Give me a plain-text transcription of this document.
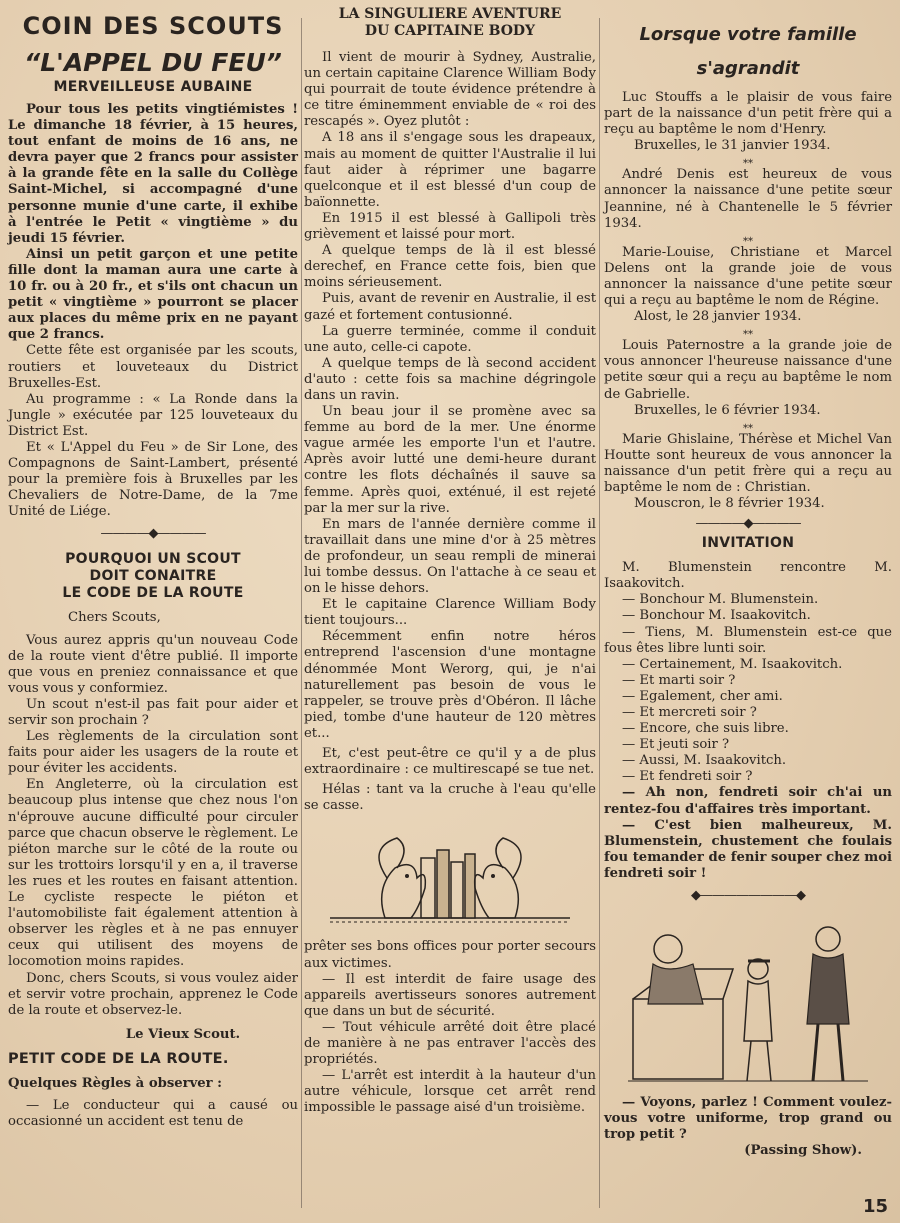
COIN DES SCOUTS
“L'APPEL DU FEU”
MERVEILLEUSE AUBAINE

Pour tous les petits vingtiémistes ! Le dimanche 18 février, à 15 heures, tout enfant de moins de 16 ans, ne devra payer que 2 francs pour assister à la grande fête en la salle du Collège Saint-Michel, si accompagné d'une personne munie d'une carte, il exhibe à l'entrée le Petit « vingtième » du jeudi 15 février.

Ainsi un petit garçon et une petite fille dont la maman aura une carte à 10 fr. ou à 20 fr., et s'ils ont chacun un petit « vingtième » pourront se placer aux places du même prix en ne payant que 2 francs.

Cette fête est organisée par les scouts, routiers et louveteaux du District Bruxelles-Est.

Au programme : « La Ronde dans la Jungle » exécutée par 125 louveteaux du District Est.

Et « L'Appel du Feu » de Sir Lone, des Compagnons de Saint-Lambert, présenté pour la première fois à Bruxelles par les Chevaliers de Notre-Dame, de la 7me Unité de Liége.

————◆————
POURQUOI UN SCOUT
DOIT CONAITRE
LE CODE DE LA ROUTE

Chers Scouts,

Vous aurez appris qu'un nouveau Code de la route vient d'être publié. Il importe que vous en preniez connaissance et que vous vous y conformiez.

Un scout n'est-il pas fait pour aider et servir son prochain ?

Les règlements de la circulation sont faits pour aider les usagers de la route et pour éviter les accidents.

En Angleterre, où la circulation est beaucoup plus intense que chez nous l'on n'éprouve aucune difficulté pour circuler parce que chacun observe le règlement. Le piéton marche sur le côté de la route ou sur les trottoirs lorsqu'il y en a, il traverse les rues et les routes en faisant attention. Le cycliste respecte le piéton et l'automobiliste fait également attention à observer les règles et à ne pas ennuyer ceux qui utilisent des moyens de locomotion moins rapides.

Donc, chers Scouts, si vous voulez aider et servir votre prochain, apprenez le Code de la route et observez-le.

Le Vieux Scout.

PETIT CODE DE LA ROUTE.

Quelques Règles à observer :

— Le conducteur qui a causé ou occasionné un accident est tenu de

LA SINGULIERE AVENTURE
DU CAPITAINE BODY

Il vient de mourir à Sydney, Australie, un certain capitaine Clarence William Body qui pourrait de toute évidence prétendre à ce titre éminemment enviable de « roi des rescapés ». Oyez plutôt :

A 18 ans il s'engage sous les drapeaux, mais au moment de quitter l'Australie il lui faut aider à réprimer une bagarre quelconque et il est blessé d'un coup de baïonnette.

En 1915 il est blessé à Gallipoli très grièvement et laissé pour mort.

A quelque temps de là il est blessé derechef, en France cette fois, bien que moins sérieusement.

Puis, avant de revenir en Australie, il est gazé et fortement contusionné.

La guerre terminée, comme il conduit une auto, celle-ci capote.

A quelque temps de là second accident d'auto : cette fois sa machine dégringole dans un ravin.

Un beau jour il se promène avec sa femme au bord de la mer. Une énorme vague armée les emporte l'un et l'autre. Après avoir lutté une demi-heure durant contre les flots déchaînés il sauve sa femme. Après quoi, exténué, il est rejeté par la mer sur la rive.

En mars de l'année dernière comme il travaillait dans une mine d'or à 25 mètres de profondeur, un seau rempli de minerai lui tombe dessus. On l'attache à ce seau et on le hisse dehors.

Et le capitaine Clarence William Body tient toujours...

Récemment enfin notre héros entreprend l'ascension d'une montagne dénommée Mont Werorg, qui, je n'ai naturellement pas besoin de vous le rappeler, se trouve près d'Obéron. Il lâche pied, tombe d'une hauteur de 120 mètres et...

Et, c'est peut-être ce qu'il y a de plus extraordinaire : ce multirescapé se tue net.

Hélas : tant va la cruche à l'eau qu'elle se casse.

prêter ses bons offices pour porter secours aux victimes.

— Il est interdit de faire usage des appareils avertisseurs sonores autrement que dans un but de sécurité.

— Tout véhicule arrêté doit être placé de manière à ne pas entraver l'accès des propriétés.

— L'arrêt est interdit à la hauteur d'un autre véhicule, lorsque cet arrêt rend impossible le passage aisé d'un troisième.

Lorsque votre famille
s'agrandit

Luc Stouffs a le plaisir de vous faire part de la naissance d'un petit frère qui a reçu au baptême le nom d'Henry.

Bruxelles, le 31 janvier 1934.

⁎⁎

André Denis est heureux de vous annoncer la naissance d'une petite sœur Jeannine, né à Chantenelle le 5 février 1934.

⁎⁎

Marie-Louise, Christiane et Marcel Delens ont la grande joie de vous annoncer la naissance d'une petite sœur qui a reçu au baptême le nom de Régine.

Alost, le 28 janvier 1934.

⁎⁎

Louis Paternostre a la grande joie de vous annoncer l'heureuse naissance d'une petite sœur qui a reçu au baptême le nom de Gabrielle.

Bruxelles, le 6 février 1934.

⁎⁎

Marie Ghislaine, Thérèse et Michel Van Houtte sont heureux de vous annoncer la naissance d'un petit frère qui a reçu au baptême le nom de : Christian.

Mouscron, le 8 février 1934.

————◆————
INVITATION

M. Blumenstein rencontre M. Isaakovitch.

— Bonchour M. Blumenstein.

— Bonchour M. Isaakovitch.

— Tiens, M. Blumenstein est-ce que fous êtes libre lunti soir.

— Certainement, M. Isaakovitch.

— Et marti soir ?

— Egalement, cher ami.

— Et mercreti soir ?

— Encore, che suis libre.

— Et jeuti soir ?

— Aussi, M. Isaakovitch.

— Et fendreti soir ?

— Ah non, fendreti soir ch'ai un rentez-fou d'affaires très important.

— C'est bien malheureux, M. Blumenstein, chustement che foulais fou temander de fenir souper chez moi fendreti soir !

◆————————◆

— Voyons, parlez ! Comment voulez-vous votre uniforme, trop grand ou trop petit ?

(Passing Show).

15
